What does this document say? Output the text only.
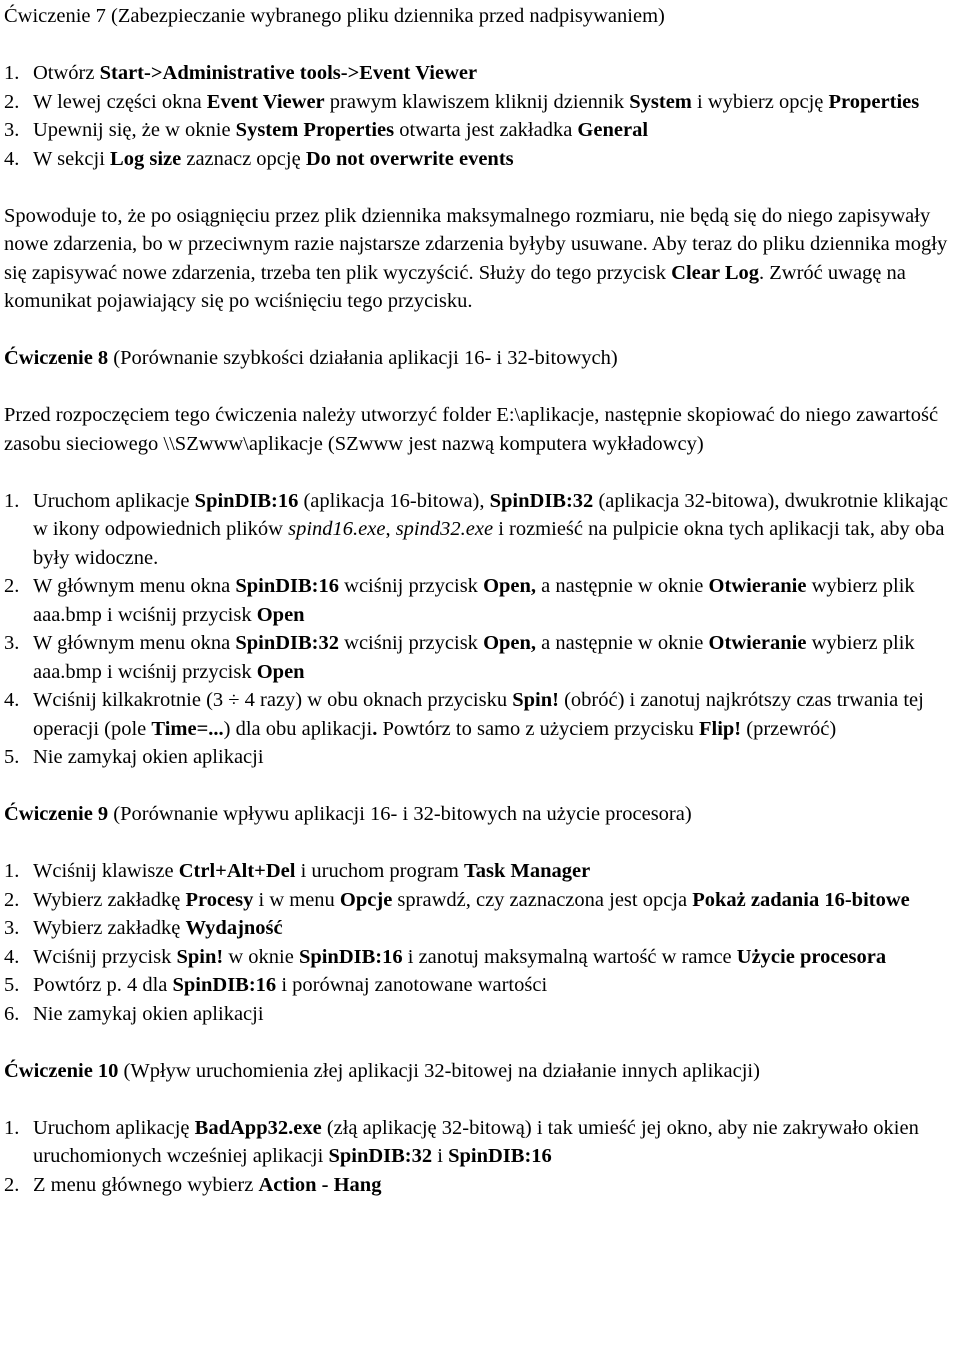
Ćwiczenie 7 (Zabezpieczanie wybranego pliku dziennika przed nadpisywaniem)
1. Otwórz Start->Administrative tools->Event Viewer
2. W lewej części okna Event Viewer prawym klawiszem kliknij dziennik System i wybierz opcję Properties
3. Upewnij się, że w oknie System Properties otwarta jest zakładka General
4. W sekcji Log size zaznacz opcję Do not overwrite events

Spowoduje to, że po osiągnięciu przez plik dziennika maksymalnego rozmiaru, nie będą się do niego zapisywały nowe zdarzenia, bo w przeciwnym razie najstarsze zdarzenia byłyby usuwane. Aby teraz do pliku dziennika mogły się zapisywać nowe zdarzenia, trzeba ten plik wyczyścić. Służy do tego przycisk Clear Log. Zwróć uwagę na komunikat pojawiający się po wciśnięciu tego przycisku.

Ćwiczenie 8 (Porównanie szybkości działania aplikacji 16- i 32-bitowych)

Przed rozpoczęciem tego ćwiczenia należy utworzyć folder E:\aplikacje, następnie skopiować do niego zawartość zasobu sieciowego \\SZwww\aplikacje (SZwww jest nazwą komputera wykładowcy)

1. Uruchom aplikacje SpinDIB:16 (aplikacja 16-bitowa), SpinDIB:32 (aplikacja 32-bitowa), dwukrotnie klikając w ikony odpowiednich plików spind16.exe, spind32.exe i rozmieść na pulpicie okna tych aplikacji tak, aby oba były widoczne.
2. W głównym menu okna SpinDIB:16 wciśnij przycisk Open, a następnie w oknie Otwieranie wybierz plik aaa.bmp i wciśnij przycisk Open
3. W głównym menu okna SpinDIB:32 wciśnij przycisk Open, a następnie w oknie Otwieranie wybierz plik aaa.bmp i wciśnij przycisk Open
4. Wciśnij kilkakrotnie (3 ÷ 4 razy) w obu oknach przycisku Spin! (obróć) i zanotuj najkrótszy czas trwania tej operacji (pole Time=...) dla obu aplikacji. Powtórz to samo z użyciem przycisku Flip! (przewróć)
5. Nie zamykaj okien aplikacji
Ćwiczenie 9 (Porównanie wpływu aplikacji 16- i 32-bitowych na użycie procesora)
1. Wciśnij klawisze Ctrl+Alt+Del i uruchom program Task Manager
2. Wybierz zakładkę Procesy i w menu Opcje sprawdź, czy zaznaczona jest opcja Pokaż zadania 16-bitowe
3. Wybierz zakładkę Wydajność
4. Wciśnij przycisk Spin! w oknie SpinDIB:16 i zanotuj maksymalną wartość w ramce Użycie procesora
5. Powtórz p. 4 dla SpinDIB:16 i porównaj zanotowane wartości
6. Nie zamykaj okien aplikacji
Ćwiczenie 10 (Wpływ uruchomienia złej aplikacji 32-bitowej na działanie innych aplikacji)
1. Uruchom aplikację BadApp32.exe (złą aplikację 32-bitową) i tak umieść jej okno, aby nie zakrywało okien uruchomionych wcześniej aplikacji SpinDIB:32 i SpinDIB:16
2. Z menu głównego wybierz Action - Hang
